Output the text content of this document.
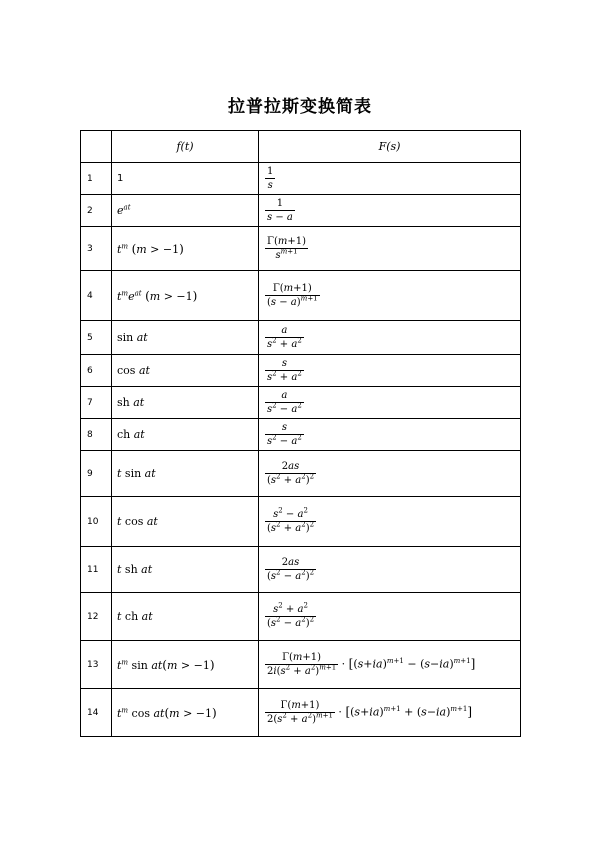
拉普拉斯变换简表
	f(t)	F(s)
1	1	$\frac{1}{s}$

2	$e^{at}$	$\frac{1}{s - a}$

3	$t^m$ (m > −1)	$\frac{\Gamma(m+1)}{s^{m+1}}$

4	$t^me^{at}$ (m > −1)	$\frac{\Gamma(m+1)}{(s - a)^{m+1}}$

5	sin at	$\frac{a}{s^2 + a^2}$

6	cos at	$\frac{s}{s^2 + a^2}$

7	sh at	$\frac{a}{s^2 - a^2}$

8	ch at	$\frac{s}{s^2 - a^2}$

9	t sin at	$\frac{2as}{(s^2 + a^2)^2}$

10	t cos at	$\frac{s^2 - a^2}{(s^2 + a^2)^2}$

11	t sh at	$\frac{2as}{(s^2 - a^2)^2}$

12	t ch at	$\frac{s^2 + a^2}{(s^2 - a^2)^2}$

13	$t^m$ sin at(m > −1)	$\frac{\Gamma(m+1)}{2i(s^2 + a^2)^{m+1}} \cdot [(s+ia)^{m+1} - (s-ia)^{m+1}]$
14	$t^m$ cos at(m > −1)	$\frac{\Gamma(m+1)}{2(s^2 + a^2)^{m+1}} \cdot [(s+ia)^{m+1} + (s-ia)^{m+1}]$
